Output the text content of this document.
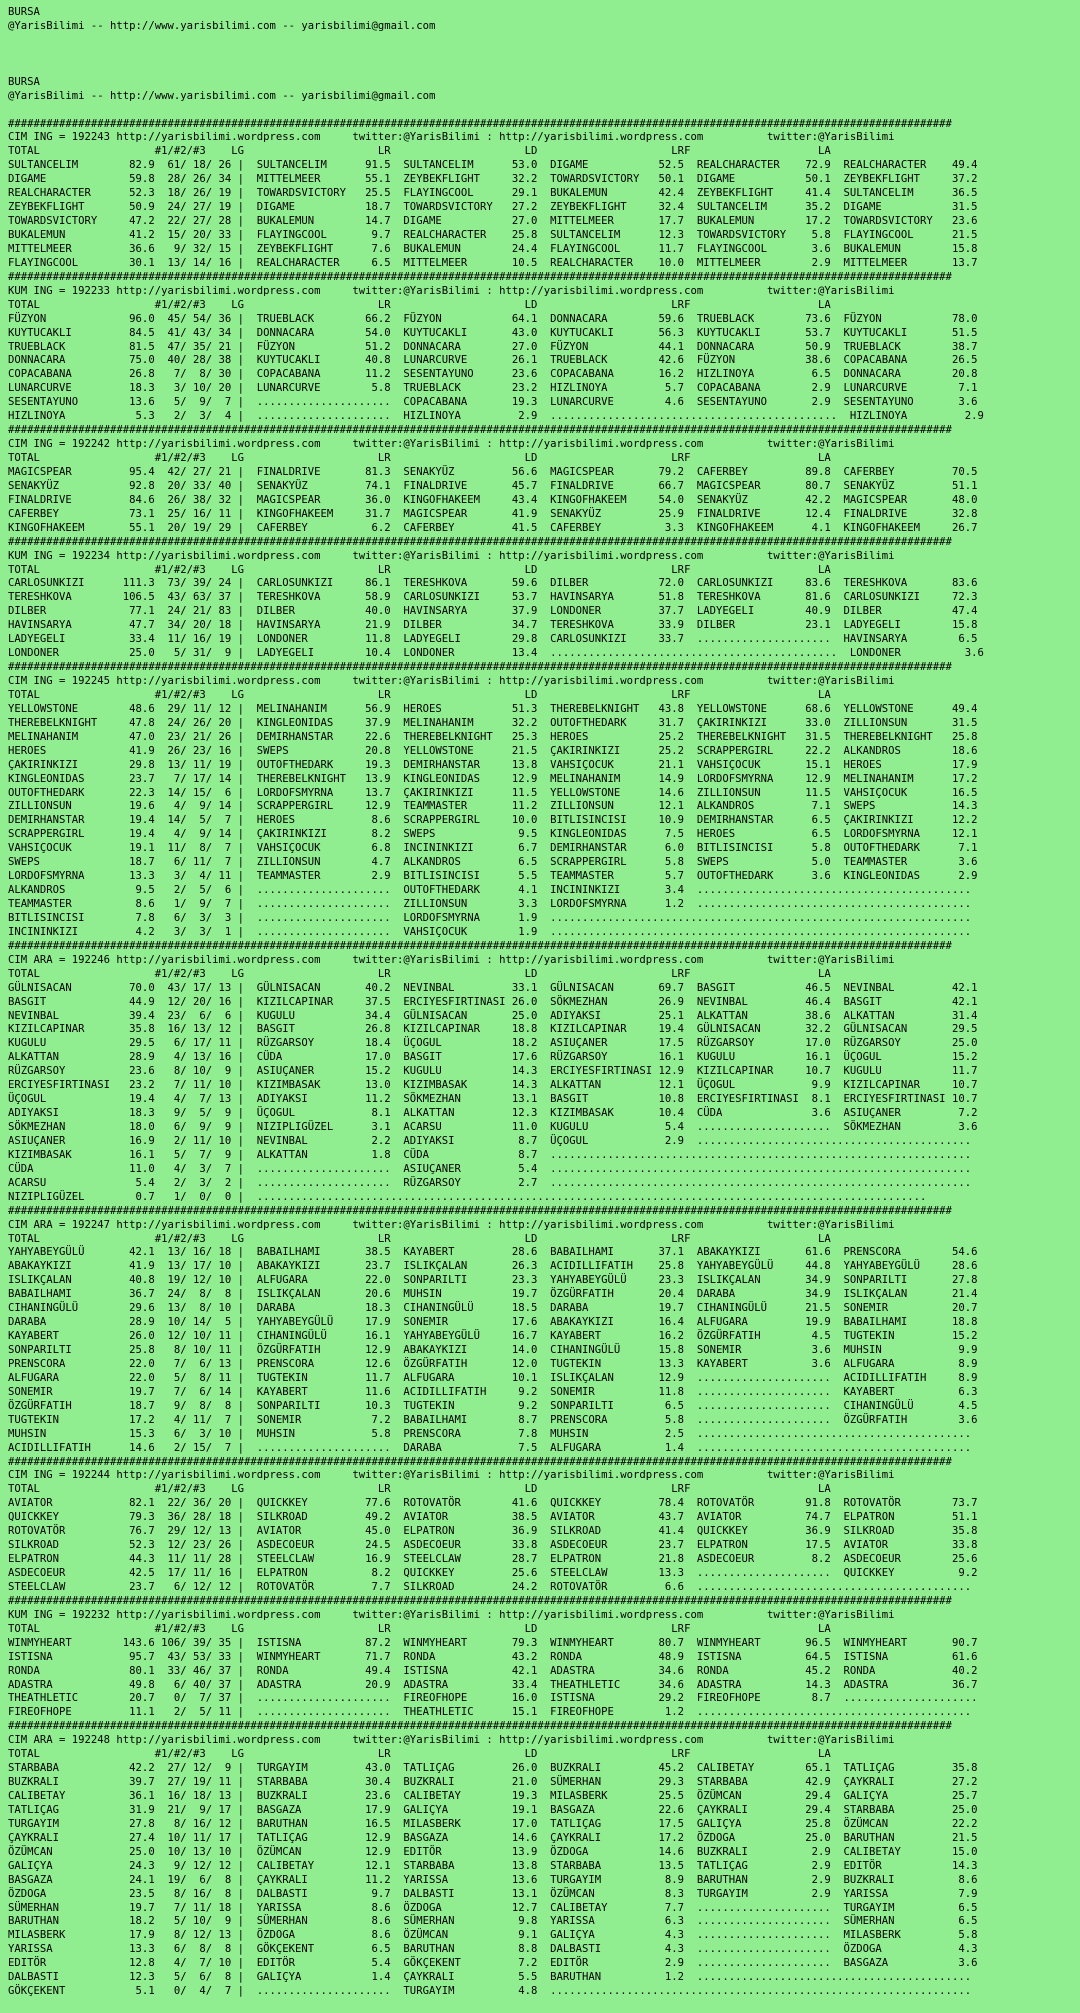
BURSA
@YarisBilimi -- http://www.yarisbilimi.com -- yarisbilimi@gmail.com
BURSA
@YarisBilimi -- http://www.yarisbilimi.com -- yarisbilimi@gmail.com
####################################################################################################################################################
CIM ING = 192243 http://yarisbilimi.wordpress.com     twitter:@YarisBilimi : http://yarisbilimi.wordpress.com          twitter:@YarisBilimi
TOTAL                  #1/#2/#3    LG                     LR                     LD                     LRF                    LA
SULTANCELIM        82.9  61/ 18/ 26 |  SULTANCELIM      91.5  SULTANCELIM      53.0  DIGAME           52.5  REALCHARACTER    72.9  REALCHARACTER    49.4
DIGAME             59.8  28/ 26/ 34 |  MITTELMEER       55.1  ZEYBEKFLIGHT     32.2  TOWARDSVICTORY   50.1  DIGAME           50.1  ZEYBEKFLIGHT     37.2
REALCHARACTER      52.3  18/ 26/ 19 |  TOWARDSVICTORY   25.5  FLAYINGCOOL      29.1  BUKALEMUN        42.4  ZEYBEKFLIGHT     41.4  SULTANCELIM      36.5
ZEYBEKFLIGHT       50.9  24/ 27/ 19 |  DIGAME           18.7  TOWARDSVICTORY   27.2  ZEYBEKFLIGHT     32.4  SULTANCELIM      35.2  DIGAME           31.5
TOWARDSVICTORY     47.2  22/ 27/ 28 |  BUKALEMUN        14.7  DIGAME           27.0  MITTELMEER       17.7  BUKALEMUN        17.2  TOWARDSVICTORY   23.6
BUKALEMUN          41.2  15/ 20/ 33 |  FLAYINGCOOL       9.7  REALCHARACTER    25.8  SULTANCELIM      12.3  TOWARDSVICTORY    5.8  FLAYINGCOOL      21.5
MITTELMEER         36.6   9/ 32/ 15 |  ZEYBEKFLIGHT      7.6  BUKALEMUN        24.4  FLAYINGCOOL      11.7  FLAYINGCOOL       3.6  BUKALEMUN        15.8
FLAYINGCOOL        30.1  13/ 14/ 16 |  REALCHARACTER     6.5  MITTELMEER       10.5  REALCHARACTER    10.0  MITTELMEER        2.9  MITTELMEER       13.7
####################################################################################################################################################
KUM ING = 192233 http://yarisbilimi.wordpress.com     twitter:@YarisBilimi : http://yarisbilimi.wordpress.com          twitter:@YarisBilimi
TOTAL                  #1/#2/#3    LG                     LR                     LD                     LRF                    LA
FÜZYON             96.0  45/ 54/ 36 |  TRUEBLACK        66.2  FÜZYON           64.1  DONNACARA        59.6  TRUEBLACK        73.6  FÜZYON           78.0
KUYTUCAKLI         84.5  41/ 43/ 34 |  DONNACARA        54.0  KUYTUCAKLI       43.0  KUYTUCAKLI       56.3  KUYTUCAKLI       53.7  KUYTUCAKLI       51.5
TRUEBLACK          81.5  47/ 35/ 21 |  FÜZYON           51.2  DONNACARA        27.0  FÜZYON           44.1  DONNACARA        50.9  TRUEBLACK        38.7
DONNACARA          75.0  40/ 28/ 38 |  KUYTUCAKLI       40.8  LUNARCURVE       26.1  TRUEBLACK        42.6  FÜZYON           38.6  COPACABANA       26.5
COPACABANA         26.8   7/  8/ 30 |  COPACABANA       11.2  SESENTAYUNO      23.6  COPACABANA       16.2  HIZLINOYA         6.5  DONNACARA        20.8
LUNARCURVE         18.3   3/ 10/ 20 |  LUNARCURVE        5.8  TRUEBLACK        23.2  HIZLINOYA         5.7  COPACABANA        2.9  LUNARCURVE        7.1
SESENTAYUNO        13.6   5/  9/  7 |  .....................  COPACABANA       19.3  LUNARCURVE        4.6  SESENTAYUNO       2.9  SESENTAYUNO       3.6
HIZLINOYA           5.3   2/  3/  4 |  .....................  HIZLINOYA         2.9  .............................................  HIZLINOYA         2.9
####################################################################################################################################################
CIM ING = 192242 http://yarisbilimi.wordpress.com     twitter:@YarisBilimi : http://yarisbilimi.wordpress.com          twitter:@YarisBilimi
TOTAL                  #1/#2/#3    LG                     LR                     LD                     LRF                    LA
MAGICSPEAR         95.4  42/ 27/ 21 |  FINALDRIVE       81.3  SENAKYÜZ         56.6  MAGICSPEAR       79.2  CAFERBEY         89.8  CAFERBEY         70.5
SENAKYÜZ           92.8  20/ 33/ 40 |  SENAKYÜZ         74.1  FINALDRIVE       45.7  FINALDRIVE       66.7  MAGICSPEAR       80.7  SENAKYÜZ         51.1
FINALDRIVE         84.6  26/ 38/ 32 |  MAGICSPEAR       36.0  KINGOFHAKEEM     43.4  KINGOFHAKEEM     54.0  SENAKYÜZ         42.2  MAGICSPEAR       48.0
CAFERBEY           73.1  25/ 16/ 11 |  KINGOFHAKEEM     31.7  MAGICSPEAR       41.9  SENAKYÜZ         25.9  FINALDRIVE       12.4  FINALDRIVE       32.8
KINGOFHAKEEM       55.1  20/ 19/ 29 |  CAFERBEY          6.2  CAFERBEY         41.5  CAFERBEY          3.3  KINGOFHAKEEM      4.1  KINGOFHAKEEM     26.7
####################################################################################################################################################
KUM ING = 192234 http://yarisbilimi.wordpress.com     twitter:@YarisBilimi : http://yarisbilimi.wordpress.com          twitter:@YarisBilimi
TOTAL                  #1/#2/#3    LG                     LR                     LD                     LRF                    LA
CARLOSUNKIZI      111.3  73/ 39/ 24 |  CARLOSUNKIZI     86.1  TERESHKOVA       59.6  DILBER           72.0  CARLOSUNKIZI     83.6  TERESHKOVA       83.6
TERESHKOVA        106.5  43/ 63/ 37 |  TERESHKOVA       58.9  CARLOSUNKIZI     53.7  HAVINSARYA       51.8  TERESHKOVA       81.6  CARLOSUNKIZI     72.3
DILBER             77.1  24/ 21/ 83 |  DILBER           40.0  HAVINSARYA       37.9  LONDONER         37.7  LADYEGELI        40.9  DILBER           47.4
HAVINSARYA         47.7  34/ 20/ 18 |  HAVINSARYA       21.9  DILBER           34.7  TERESHKOVA       33.9  DILBER           23.1  LADYEGELI        15.8
LADYEGELI          33.4  11/ 16/ 19 |  LONDONER         11.8  LADYEGELI        29.8  CARLOSUNKIZI     33.7  .....................  HAVINSARYA        6.5
LONDONER           25.0   5/ 31/  9 |  LADYEGELI        10.4  LONDONER         13.4  .............................................  LONDONER          3.6
####################################################################################################################################################
CIM ING = 192245 http://yarisbilimi.wordpress.com     twitter:@YarisBilimi : http://yarisbilimi.wordpress.com          twitter:@YarisBilimi
TOTAL                  #1/#2/#3    LG                     LR                     LD                     LRF                    LA
YELLOWSTONE        48.6  29/ 11/ 12 |  MELINAHANIM      56.9  HEROES           51.3  THEREBELKNIGHT   43.8  YELLOWSTONE      68.6  YELLOWSTONE      49.4
THEREBELKNIGHT     47.8  24/ 26/ 20 |  KINGLEONIDAS     37.9  MELINAHANIM      32.2  OUTOFTHEDARK     31.7  ÇAKIRINKIZI      33.0  ZILLIONSUN       31.5
MELINAHANIM        47.0  23/ 21/ 26 |  DEMIRHANSTAR     22.6  THEREBELKNIGHT   25.3  HEROES           25.2  THEREBELKNIGHT   31.5  THEREBELKNIGHT   25.8
HEROES             41.9  26/ 23/ 16 |  SWEPS            20.8  YELLOWSTONE      21.5  ÇAKIRINKIZI      25.2  SCRAPPERGIRL     22.2  ALKANDROS        18.6
ÇAKIRINKIZI        29.8  13/ 11/ 19 |  OUTOFTHEDARK     19.3  DEMIRHANSTAR     13.8  VAHSIÇOCUK       21.1  VAHSIÇOCUK       15.1  HEROES           17.9
KINGLEONIDAS       23.7   7/ 17/ 14 |  THEREBELKNIGHT   13.9  KINGLEONIDAS     12.9  MELINAHANIM      14.9  LORDOFSMYRNA     12.9  MELINAHANIM      17.2
OUTOFTHEDARK       22.3  14/ 15/  6 |  LORDOFSMYRNA     13.7  ÇAKIRINKIZI      11.5  YELLOWSTONE      14.6  ZILLIONSUN       11.5  VAHSIÇOCUK       16.5
ZILLIONSUN         19.6   4/  9/ 14 |  SCRAPPERGIRL     12.9  TEAMMASTER       11.2  ZILLIONSUN       12.1  ALKANDROS         7.1  SWEPS            14.3
DEMIRHANSTAR       19.4  14/  5/  7 |  HEROES            8.6  SCRAPPERGIRL     10.0  BITLISINCISI     10.9  DEMIRHANSTAR      6.5  ÇAKIRINKIZI      12.2
SCRAPPERGIRL       19.4   4/  9/ 14 |  ÇAKIRINKIZI       8.2  SWEPS             9.5  KINGLEONIDAS      7.5  HEROES            6.5  LORDOFSMYRNA     12.1
VAHSIÇOCUK         19.1  11/  8/  7 |  VAHSIÇOCUK        6.8  INCININKIZI       6.7  DEMIRHANSTAR      6.0  BITLISINCISI      5.8  OUTOFTHEDARK      7.1
SWEPS              18.7   6/ 11/  7 |  ZILLIONSUN        4.7  ALKANDROS         6.5  SCRAPPERGIRL      5.8  SWEPS             5.0  TEAMMASTER        3.6
LORDOFSMYRNA       13.3   3/  4/ 11 |  TEAMMASTER        2.9  BITLISINCISI      5.5  TEAMMASTER        5.7  OUTOFTHEDARK      3.6  KINGLEONIDAS      2.9
ALKANDROS           9.5   2/  5/  6 |  .....................  OUTOFTHEDARK      4.1  INCININKIZI       3.4  ...........................................
TEAMMASTER          8.6   1/  9/  7 |  .....................  ZILLIONSUN        3.3  LORDOFSMYRNA      1.2  ...........................................
BITLISINCISI        7.8   6/  3/  3 |  .....................  LORDOFSMYRNA      1.9  ..................................................................
INCININKIZI         4.2   3/  3/  1 |  .....................  VAHSIÇOCUK        1.9  ..................................................................
####################################################################################################################################################
CIM ARA = 192246 http://yarisbilimi.wordpress.com     twitter:@YarisBilimi : http://yarisbilimi.wordpress.com          twitter:@YarisBilimi
TOTAL                  #1/#2/#3    LG                     LR                     LD                     LRF                    LA
GÜLNISACAN         70.0  43/ 17/ 13 |  GÜLNISACAN       40.2  NEVINBAL         33.1  GÜLNISACAN       69.7  BASGIT           46.5  NEVINBAL         42.1
BASGIT             44.9  12/ 20/ 16 |  KIZILCAPINAR     37.5  ERCIYESFIRTINASI 26.0  SÖKMEZHAN        26.9  NEVINBAL         46.4  BASGIT           42.1
NEVINBAL           39.4  23/  6/  6 |  KUGULU           34.4  GÜLNISACAN       25.0  ADIYAKSI         25.1  ALKATTAN         38.6  ALKATTAN         31.4
KIZILCAPINAR       35.8  16/ 13/ 12 |  BASGIT           26.8  KIZILCAPINAR     18.8  KIZILCAPINAR     19.4  GÜLNISACAN       32.2  GÜLNISACAN       29.5
KUGULU             29.5   6/ 17/ 11 |  RÜZGARSOY        18.4  ÜÇOGUL           18.2  ASIUÇANER        17.5  RÜZGARSOY        17.0  RÜZGARSOY        25.0
ALKATTAN           28.9   4/ 13/ 16 |  CÜDA             17.0  BASGIT           17.6  RÜZGARSOY        16.1  KUGULU           16.1  ÜÇOGUL           15.2
RÜZGARSOY          23.6   8/ 10/  9 |  ASIUÇANER        15.2  KUGULU           14.3  ERCIYESFIRTINASI 12.9  KIZILCAPINAR     10.7  KUGULU           11.7
ERCIYESFIRTINASI   23.2   7/ 11/ 10 |  KIZIMBASAK       13.0  KIZIMBASAK       14.3  ALKATTAN         12.1  ÜÇOGUL            9.9  KIZILCAPINAR     10.7
ÜÇOGUL             19.4   4/  7/ 13 |  ADIYAKSI         11.2  SÖKMEZHAN        13.1  BASGIT           10.8  ERCIYESFIRTINASI  8.1  ERCIYESFIRTINASI 10.7
ADIYAKSI           18.3   9/  5/  9 |  ÜÇOGUL            8.1  ALKATTAN         12.3  KIZIMBASAK       10.4  CÜDA              3.6  ASIUÇANER         7.2
SÖKMEZHAN          18.0   6/  9/  9 |  NIZIPLIGÜZEL      3.1  ACARSU           11.0  KUGULU            5.4  .....................  SÖKMEZHAN         3.6
ASIUÇANER          16.9   2/ 11/ 10 |  NEVINBAL          2.2  ADIYAKSI          8.7  ÜÇOGUL            2.9  ...........................................
KIZIMBASAK         16.1   5/  7/  9 |  ALKATTAN          1.8  CÜDA              8.7  ..................................................................
CÜDA               11.0   4/  3/  7 |  .....................  ASIUÇANER         5.4  ..................................................................
ACARSU              5.4   2/  3/  2 |  .....................  RÜZGARSOY         2.7  ..................................................................
NIZIPLIGÜZEL        0.7   1/  0/  0 |  .........................................................................................................
####################################################################################################################################################
CIM ARA = 192247 http://yarisbilimi.wordpress.com     twitter:@YarisBilimi : http://yarisbilimi.wordpress.com          twitter:@YarisBilimi
TOTAL                  #1/#2/#3    LG                     LR                     LD                     LRF                    LA
YAHYABEYGÜLÜ       42.1  13/ 16/ 18 |  BABAILHAMI       38.5  KAYABERT         28.6  BABAILHAMI       37.1  ABAKAYKIZI       61.6  PRENSCORA        54.6
ABAKAYKIZI         41.9  13/ 17/ 10 |  ABAKAYKIZI       23.7  ISLIKÇALAN       26.3  ACIDILLIFATIH    25.8  YAHYABEYGÜLÜ     44.8  YAHYABEYGÜLÜ     28.6
ISLIKÇALAN         40.8  19/ 12/ 10 |  ALFUGARA         22.0  SONPARILTI       23.3  YAHYABEYGÜLÜ     23.3  ISLIKÇALAN       34.9  SONPARILTI       27.8
BABAILHAMI         36.7  24/  8/  8 |  ISLIKÇALAN       20.6  MUHSIN           19.7  ÖZGÜRFATIH       20.4  DARABA           34.9  ISLIKÇALAN       21.4
CIHANINGÜLÜ        29.6  13/  8/ 10 |  DARABA           18.3  CIHANINGÜLÜ      18.5  DARABA           19.7  CIHANINGÜLÜ      21.5  SONEMIR          20.7
DARABA             28.9  10/ 14/  5 |  YAHYABEYGÜLÜ     17.9  SONEMIR          17.6  ABAKAYKIZI       16.4  ALFUGARA         19.9  BABAILHAMI       18.8
KAYABERT           26.0  12/ 10/ 11 |  CIHANINGÜLÜ      16.1  YAHYABEYGÜLÜ     16.7  KAYABERT         16.2  ÖZGÜRFATIH        4.5  TUGTEKIN         15.2
SONPARILTI         25.8   8/ 10/ 11 |  ÖZGÜRFATIH       12.9  ABAKAYKIZI       14.0  CIHANINGÜLÜ      15.8  SONEMIR           3.6  MUHSIN            9.9
PRENSCORA          22.0   7/  6/ 13 |  PRENSCORA        12.6  ÖZGÜRFATIH       12.0  TUGTEKIN         13.3  KAYABERT          3.6  ALFUGARA          8.9
ALFUGARA           22.0   5/  8/ 11 |  TUGTEKIN         11.7  ALFUGARA         10.1  ISLIKÇALAN       12.9  .....................  ACIDILLIFATIH     8.9
SONEMIR            19.7   7/  6/ 14 |  KAYABERT         11.6  ACIDILLIFATIH     9.2  SONEMIR          11.8  .....................  KAYABERT          6.3
ÖZGÜRFATIH         18.7   9/  8/  8 |  SONPARILTI       10.3  TUGTEKIN          9.2  SONPARILTI        6.5  .....................  CIHANINGÜLÜ       4.5
TUGTEKIN           17.2   4/ 11/  7 |  SONEMIR           7.2  BABAILHAMI        8.7  PRENSCORA         5.8  .....................  ÖZGÜRFATIH        3.6
MUHSIN             15.3   6/  3/ 10 |  MUHSIN            5.8  PRENSCORA         7.8  MUHSIN            2.5  ...........................................
ACIDILLIFATIH      14.6   2/ 15/  7 |  .....................  DARABA            7.5  ALFUGARA          1.4  ...........................................
####################################################################################################################################################
CIM ING = 192244 http://yarisbilimi.wordpress.com     twitter:@YarisBilimi : http://yarisbilimi.wordpress.com          twitter:@YarisBilimi
TOTAL                  #1/#2/#3    LG                     LR                     LD                     LRF                    LA
AVIATOR            82.1  22/ 36/ 20 |  QUICKKEY         77.6  ROTOVATÖR        41.6  QUICKKEY         78.4  ROTOVATÖR        91.8  ROTOVATÖR        73.7
QUICKKEY           79.3  36/ 28/ 18 |  SILKROAD         49.2  AVIATOR          38.5  AVIATOR          43.7  AVIATOR          74.7  ELPATRON         51.1
ROTOVATÖR          76.7  29/ 12/ 13 |  AVIATOR          45.0  ELPATRON         36.9  SILKROAD         41.4  QUICKKEY         36.9  SILKROAD         35.8
SILKROAD           52.3  12/ 23/ 26 |  ASDECOEUR        24.5  ASDECOEUR        33.8  ASDECOEUR        23.7  ELPATRON         17.5  AVIATOR          33.8
ELPATRON           44.3  11/ 11/ 28 |  STEELCLAW        16.9  STEELCLAW        28.7  ELPATRON         21.8  ASDECOEUR         8.2  ASDECOEUR        25.6
ASDECOEUR          42.5  17/ 11/ 16 |  ELPATRON          8.2  QUICKKEY         25.6  STEELCLAW        13.3  .....................  QUICKKEY          9.2
STEELCLAW          23.7   6/ 12/ 12 |  ROTOVATÖR         7.7  SILKROAD         24.2  ROTOVATÖR         6.6  ...........................................
####################################################################################################################################################
KUM ING = 192232 http://yarisbilimi.wordpress.com     twitter:@YarisBilimi : http://yarisbilimi.wordpress.com          twitter:@YarisBilimi
TOTAL                  #1/#2/#3    LG                     LR                     LD                     LRF                    LA
WINMYHEART        143.6 106/ 39/ 35 |  ISTISNA          87.2  WINMYHEART       79.3  WINMYHEART       80.7  WINMYHEART       96.5  WINMYHEART       90.7
ISTISNA            95.7  43/ 53/ 33 |  WINMYHEART       71.7  RONDA            43.2  RONDA            48.9  ISTISNA          64.5  ISTISNA          61.6
RONDA              80.1  33/ 46/ 37 |  RONDA            49.4  ISTISNA          42.1  ADASTRA          34.6  RONDA            45.2  RONDA            40.2
ADASTRA            49.8   6/ 40/ 37 |  ADASTRA          20.9  ADASTRA          33.4  THEATHLETIC      34.6  ADASTRA          14.3  ADASTRA          36.7
THEATHLETIC        20.7   0/  7/ 37 |  .....................  FIREOFHOPE       16.0  ISTISNA          29.2  FIREOFHOPE        8.7  .....................
FIREOFHOPE         11.1   2/  5/ 11 |  .....................  THEATHLETIC      15.1  FIREOFHOPE        1.2  ...........................................
####################################################################################################################################################
CIM ARA = 192248 http://yarisbilimi.wordpress.com     twitter:@YarisBilimi : http://yarisbilimi.wordpress.com          twitter:@YarisBilimi
TOTAL                  #1/#2/#3    LG                     LR                     LD                     LRF                    LA
STARBABA           42.2  27/ 12/  9 |  TURGAYIM         43.0  TATLIÇAG         26.0  BUZKRALI         45.2  CALIBETAY        65.1  TATLIÇAG         35.8
BUZKRALI           39.7  27/ 19/ 11 |  STARBABA         30.4  BUZKRALI         21.0  SÜMERHAN         29.3  STARBABA         42.9  ÇAYKRALI         27.2
CALIBETAY          36.1  16/ 18/ 13 |  BUZKRALI         23.6  CALIBETAY        19.3  MILASBERK        25.5  ÖZÜMCAN          29.4  GALIÇYA          25.7
TATLIÇAG           31.9  21/  9/ 17 |  BASGAZA          17.9  GALIÇYA          19.1  BASGAZA          22.6  ÇAYKRALI         29.4  STARBABA         25.0
TURGAYIM           27.8   8/ 16/ 12 |  BARUTHAN         16.5  MILASBERK        17.0  TATLIÇAG         17.5  GALIÇYA          25.8  ÖZÜMCAN          22.2
ÇAYKRALI           27.4  10/ 11/ 17 |  TATLIÇAG         12.9  BASGAZA          14.6  ÇAYKRALI         17.2  ÖZDOGA           25.0  BARUTHAN         21.5
ÖZÜMCAN            25.0  10/ 13/ 10 |  ÖZÜMCAN          12.9  EDITÖR           13.9  ÖZDOGA           14.6  BUZKRALI          2.9  CALIBETAY        15.0
GALIÇYA            24.3   9/ 12/ 12 |  CALIBETAY        12.1  STARBABA         13.8  STARBABA         13.5  TATLIÇAG          2.9  EDITÖR           14.3
BASGAZA            24.1  19/  6/  8 |  ÇAYKRALI         11.2  YARISSA          13.6  TURGAYIM          8.9  BARUTHAN          2.9  BUZKRALI          8.6
ÖZDOGA             23.5   8/ 16/  8 |  DALBASTI          9.7  DALBASTI         13.1  ÖZÜMCAN           8.3  TURGAYIM          2.9  YARISSA           7.9
SÜMERHAN           19.7   7/ 11/ 18 |  YARISSA           8.6  ÖZDOGA           12.7  CALIBETAY         7.7  .....................  TURGAYIM          6.5
BARUTHAN           18.2   5/ 10/  9 |  SÜMERHAN          8.6  SÜMERHAN          9.8  YARISSA           6.3  .....................  SÜMERHAN          6.5
MILASBERK          17.9   8/ 12/ 13 |  ÖZDOGA            8.6  ÖZÜMCAN           9.1  GALIÇYA           4.3  .....................  MILASBERK         5.8
YARISSA            13.3   6/  8/  8 |  GÖKÇEKENT         6.5  BARUTHAN          8.8  DALBASTI          4.3  .....................  ÖZDOGA            4.3
EDITÖR             12.8   4/  7/ 10 |  EDITÖR            5.4  GÖKÇEKENT         7.2  EDITÖR            2.9  .....................  BASGAZA           3.6
DALBASTI           12.3   5/  6/  8 |  GALIÇYA           1.4  ÇAYKRALI          5.5  BARUTHAN          1.2  ...........................................
GÖKÇEKENT           5.1   0/  4/  7 |  .....................  TURGAYIM          4.8  ..................................................................
